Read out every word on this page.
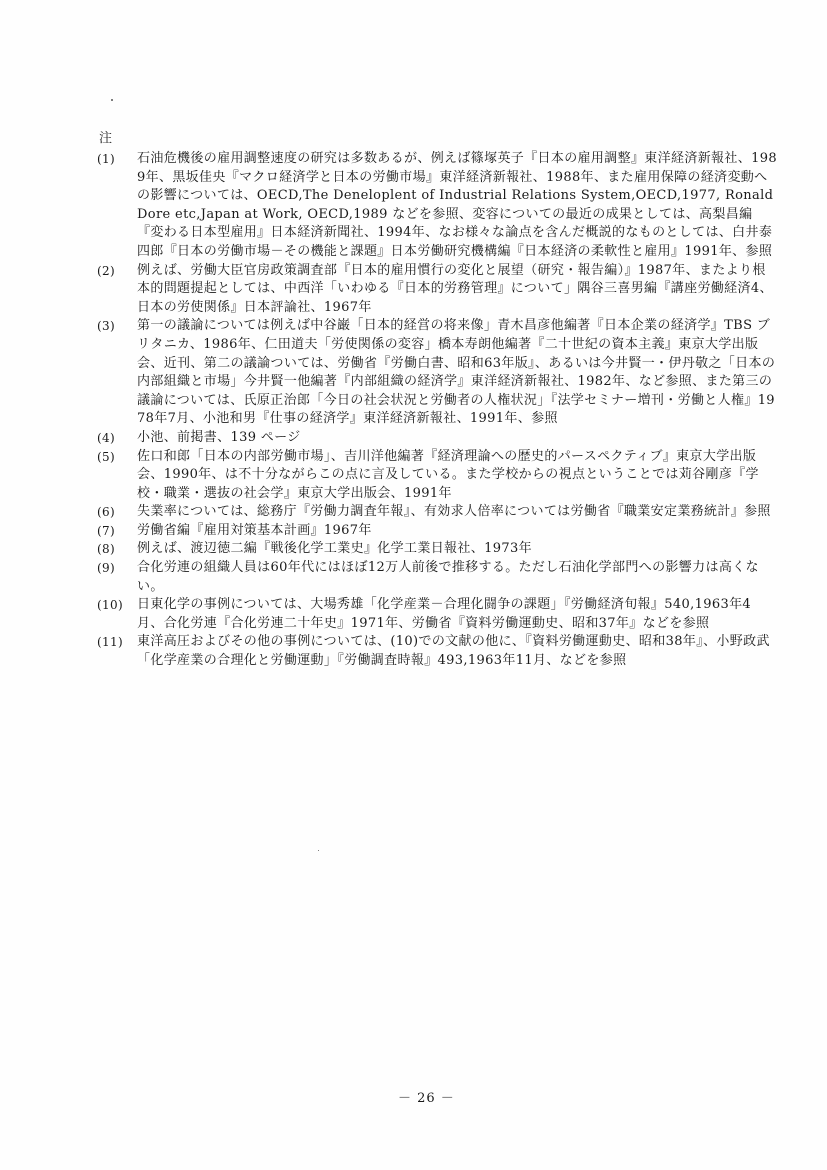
注
(1)	石油危機後の雇用調整速度の研究は多数あるが、例えば篠塚英子『日本の雇用調整』東洋経済新報社、1989年、黒坂佳央『マクロ経済学と日本の労働市場』東洋経済新報社、1988年、また雇用保障の経済変動への影響については、OECD,The Deneloplent of Industrial Relations System,OECD,1977, Ronald Dore etc,Japan at Work, OECD,1989 などを参照、変容についての最近の成果としては、高梨昌編『変わる日本型雇用』日本経済新聞社、1994年、なお様々な論点を含んだ概説的なものとしては、白井泰四郎『日本の労働市場－その機能と課題』日本労働研究機構編『日本経済の柔軟性と雇用』1991年、参照
(2)	例えば、労働大臣官房政策調査部『日本的雇用慣行の変化と展望（研究・報告編）』1987年、またより根本的問題提起としては、中西洋「いわゆる『日本的労務管理』について」隅谷三喜男編『講座労働経済4、日本の労使関係』日本評論社、1967年
(3)	第一の議論については例えば中谷巌「日本的経営の将来像」青木昌彦他編著『日本企業の経済学』TBS ブリタニカ、1986年、仁田道夫「労使関係の変容」橋本寿朗他編著『二十世紀の資本主義』東京大学出版会、近刊、第二の議論ついては、労働省『労働白書、昭和63年版』、あるいは今井賢一・伊丹敬之「日本の内部組織と市場」今井賢一他編著『内部組織の経済学』東洋経済新報社、1982年、など参照、また第三の議論については、氏原正治郎「今日の社会状況と労働者の人権状況」『法学セミナー増刊・労働と人権』1978年7月、小池和男『仕事の経済学』東洋経済新報社、1991年、参照
(4)	小池、前掲書、139 ページ
(5)	佐口和郎「日本の内部労働市場」、吉川洋他編著『経済理論への歴史的パースペクティブ』東京大学出版会、1990年、は不十分ながらこの点に言及している。また学校からの視点ということでは苅谷剛彦『学校・職業・選抜の社会学』東京大学出版会、1991年
(6)	失業率については、総務庁『労働力調査年報』、有効求人倍率については労働省『職業安定業務統計』参照
(7)	労働省編『雇用対策基本計画』1967年
(8)	例えば、渡辺徳二編『戦後化学工業史』化学工業日報社、1973年
(9)	合化労連の組織人員は60年代にはほぼ12万人前後で推移する。ただし石油化学部門への影響力は高くない。
(10)	日東化学の事例については、大場秀雄「化学産業－合理化闘争の課題」『労働経済旬報』540,1963年4月、合化労連『合化労連二十年史』1971年、労働省『資料労働運動史、昭和37年』などを参照
(11)	東洋高圧およびその他の事例については、(10)での文献の他に、『資料労働運動史、昭和38年』、小野政武「化学産業の合理化と労働運動」『労働調査時報』493,1963年11月、などを参照
－ 26 －
